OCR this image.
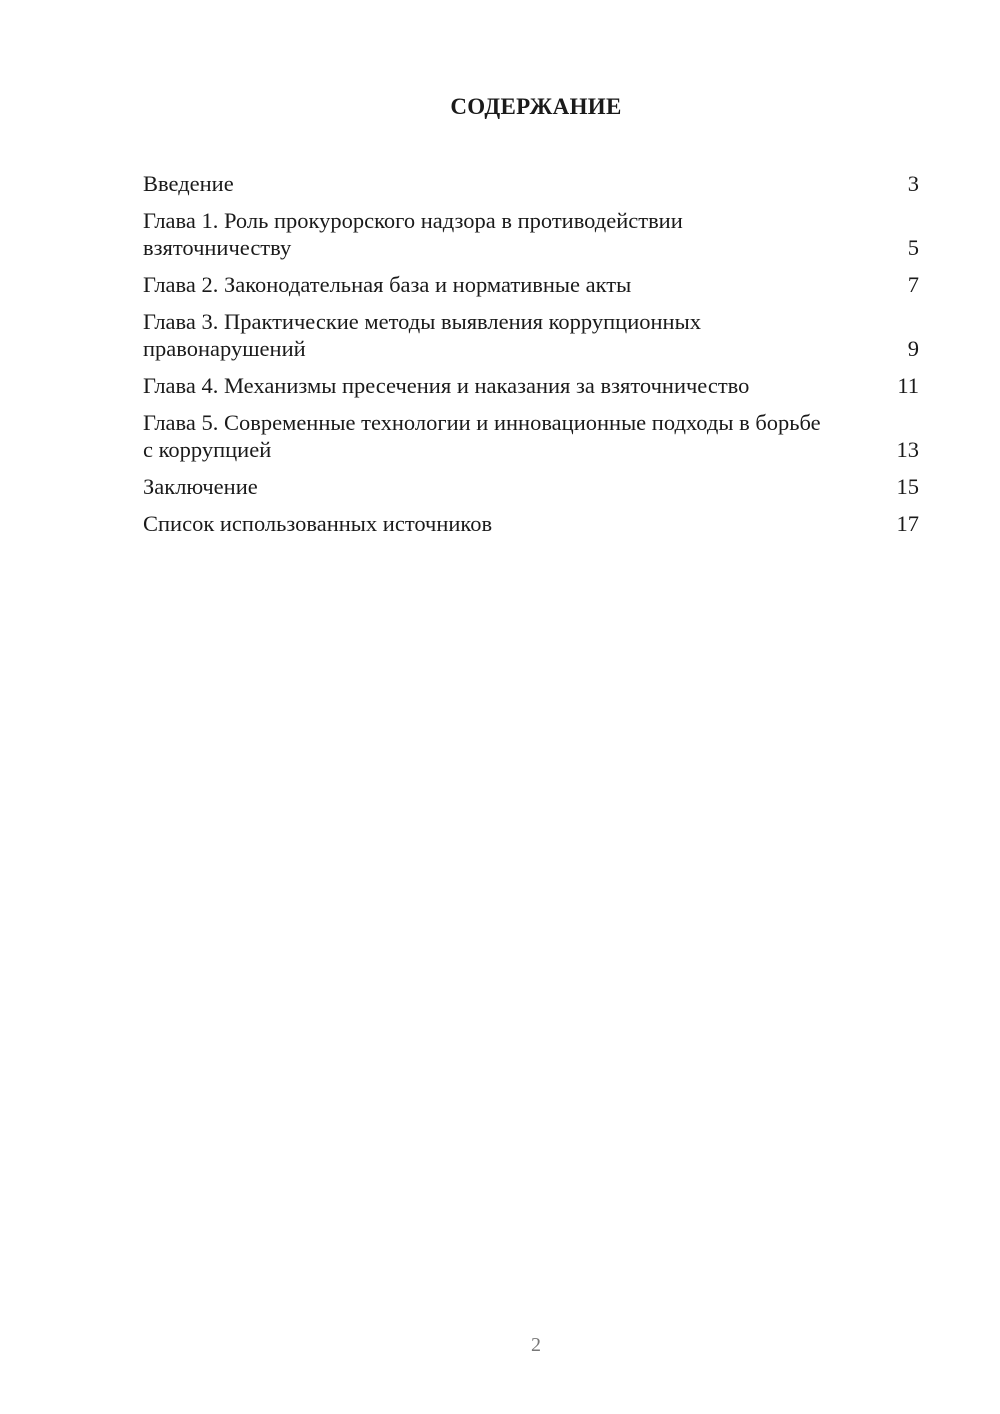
СОДЕРЖАНИЕ
Введение	3
Глава 1. Роль прокурорского надзора в противодействии взяточничеству	5
Глава 2. Законодательная база и нормативные акты	7
Глава 3. Практические методы выявления коррупционных правонарушений	9
Глава 4. Механизмы пресечения и наказания за взяточничество	11
Глава 5. Современные технологии и инновационные подходы в борьбе с коррупцией	13
Заключение	15
Список использованных источников	17
2
